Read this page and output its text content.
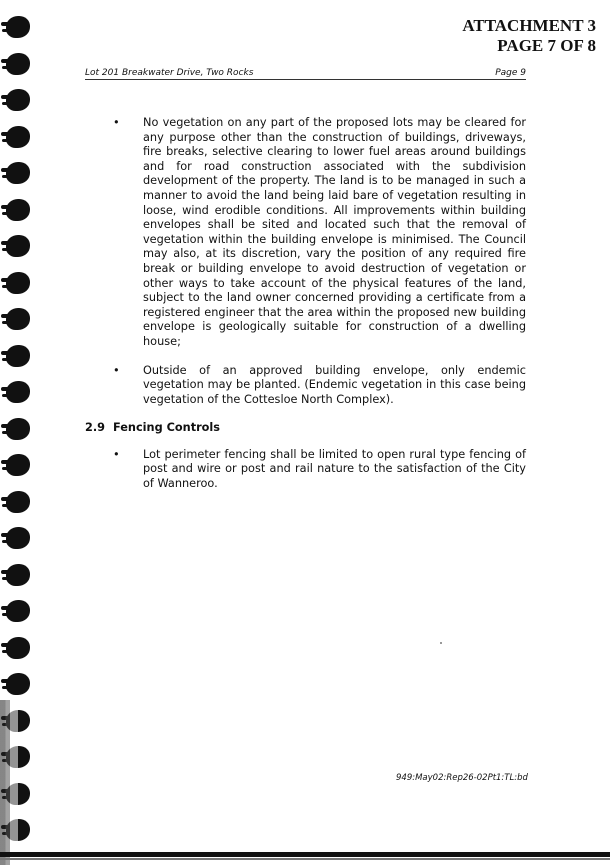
ATTACHMENT 3
PAGE 7 OF 8
Lot 201 Breakwater Drive, Two Rocks	Page 9
• No vegetation on any part of the proposed lots may be cleared for any purpose other than the construction of buildings, driveways, fire breaks, selective clearing to lower fuel areas around buildings and for road construction associated with the subdivision development of the property. The land is to be managed in such a manner to avoid the land being laid bare of vegetation resulting in loose, wind erodible conditions. All improvements within building envelopes shall be sited and located such that the removal of vegetation within the building envelope is minimised. The Council may also, at its discretion, vary the position of any required fire break or building envelope to avoid destruction of vegetation or other ways to take account of the physical features of the land, subject to the land owner concerned providing a certificate from a registered engineer that the area within the proposed new building envelope is geologically suitable for construction of a dwelling house;
• Outside of an approved building envelope, only endemic vegetation may be planted. (Endemic vegetation in this case being vegetation of the Cottesloe North Complex).
2.9 Fencing Controls
• Lot perimeter fencing shall be limited to open rural type fencing of post and wire or post and rail nature to the satisfaction of the City of Wanneroo.
949:May02:Rep26-02Pt1:TL:bd
